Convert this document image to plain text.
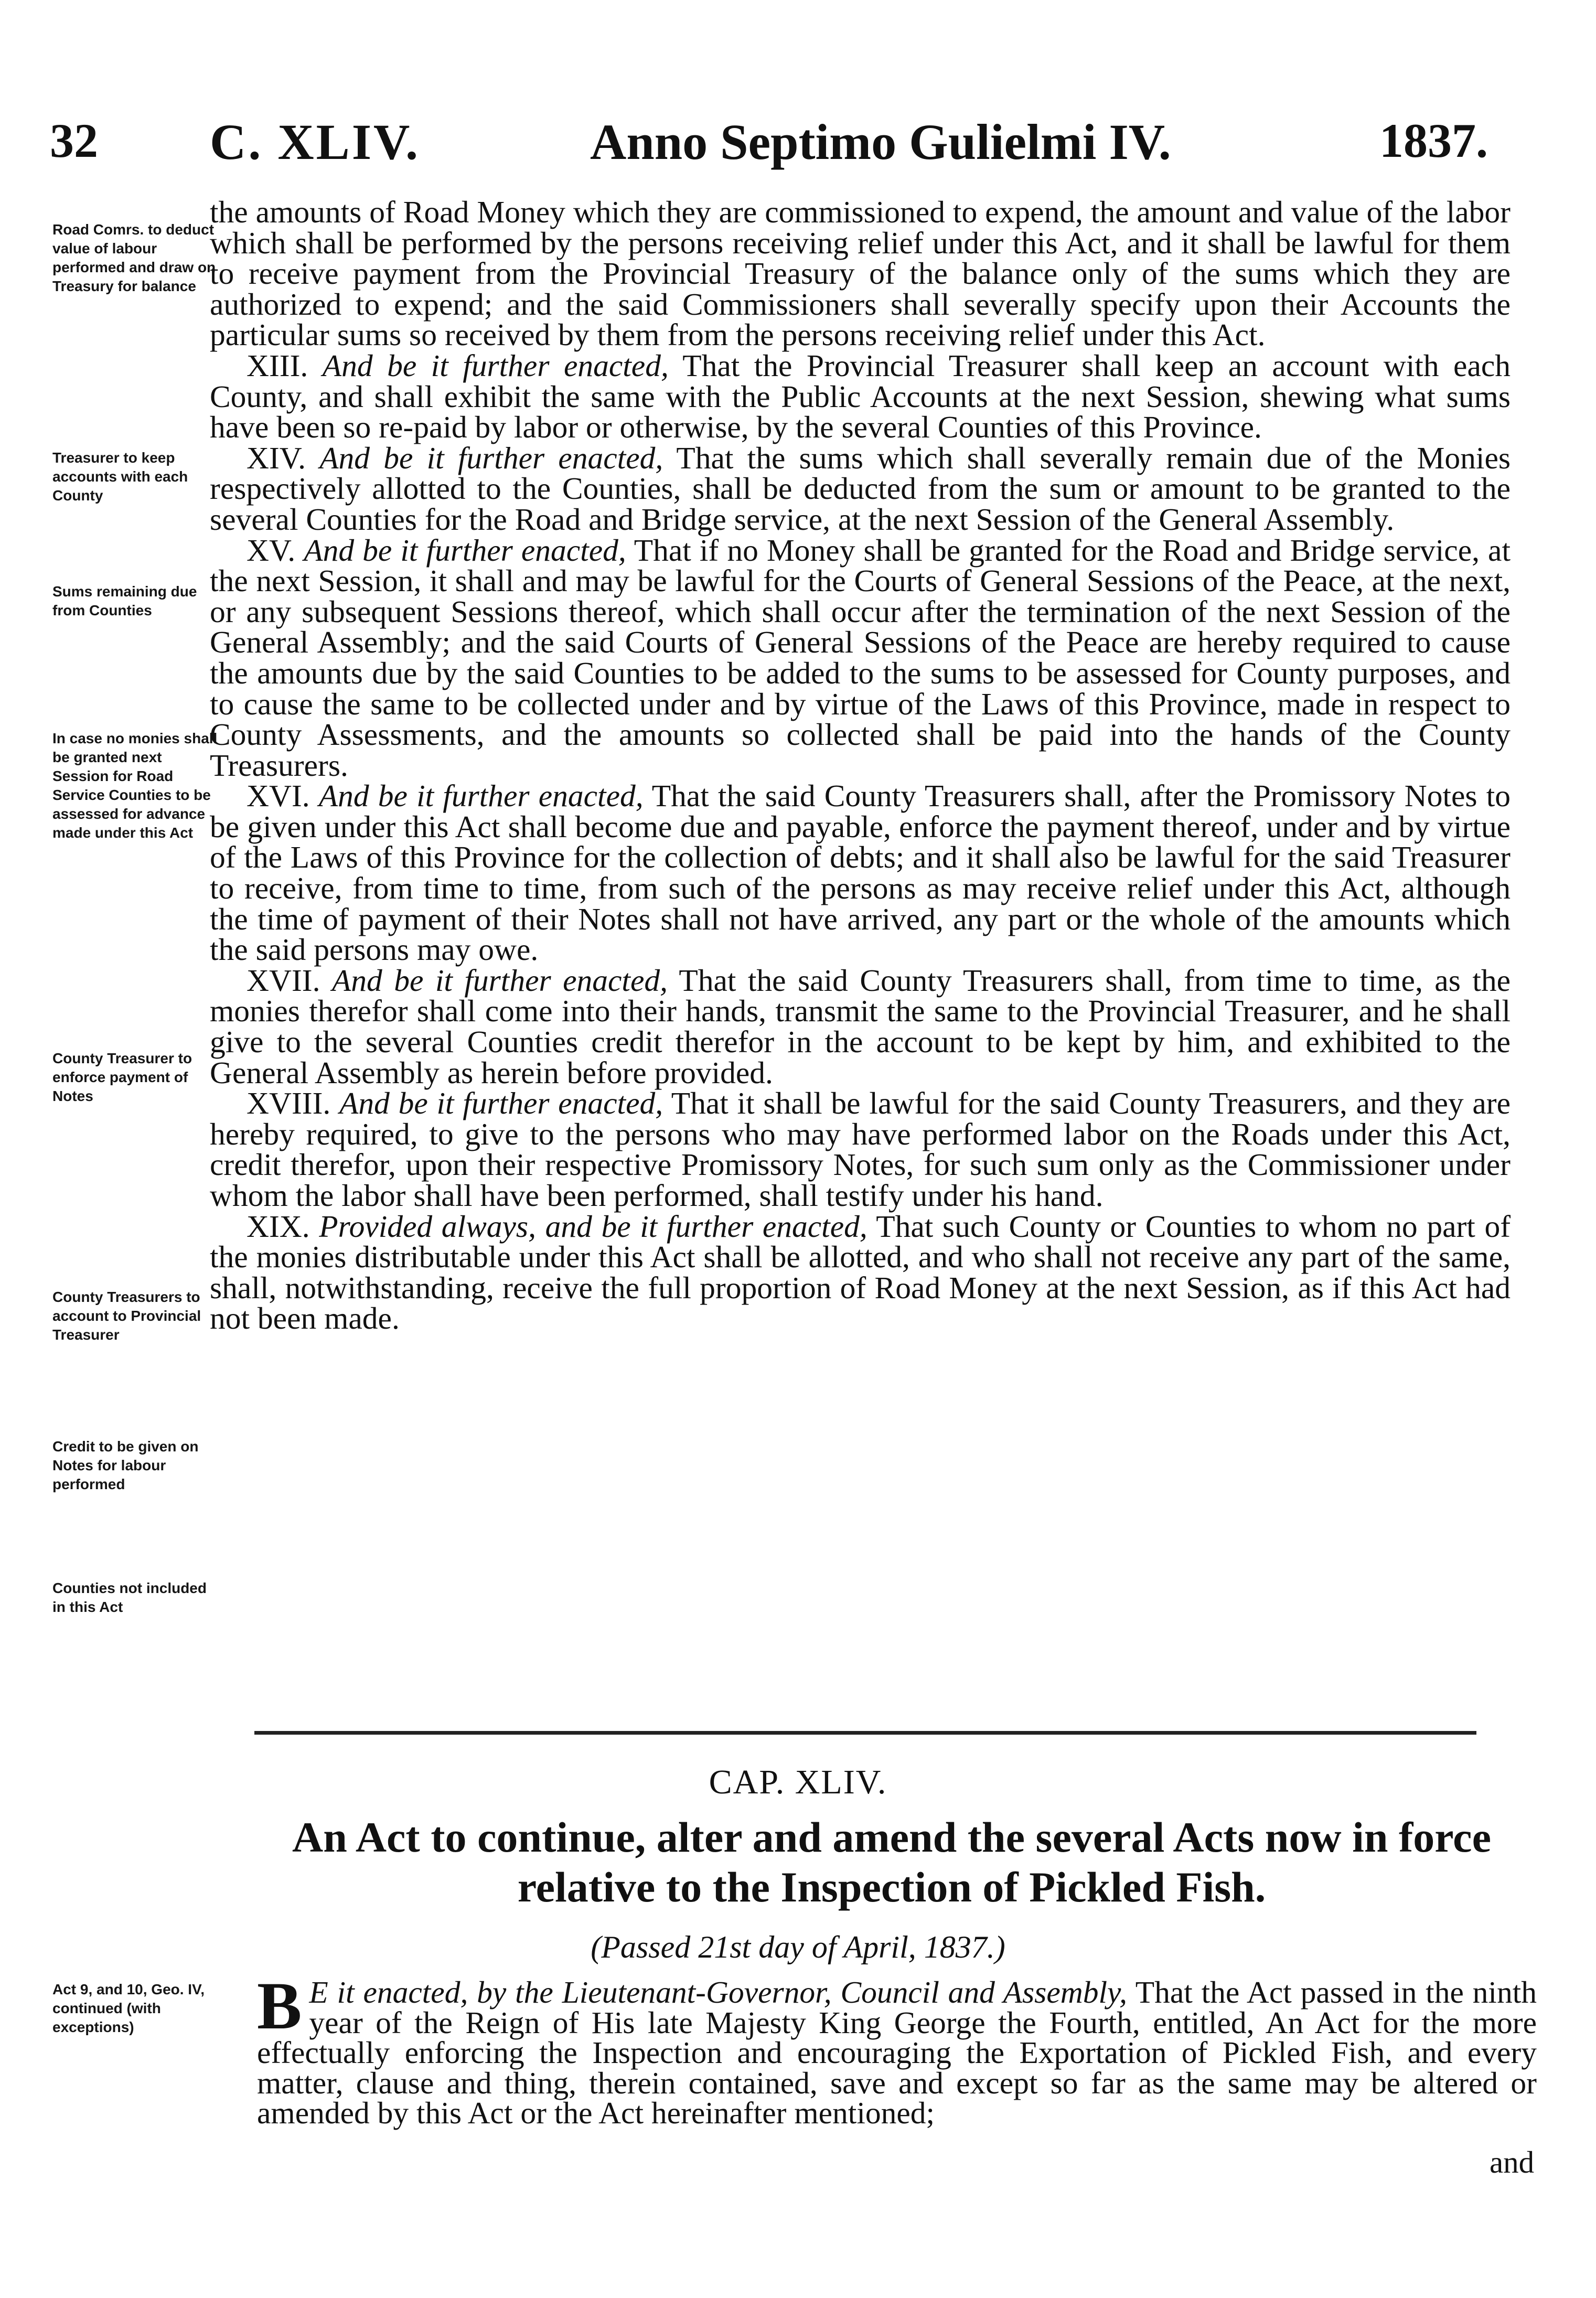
32 C. XLIV.	Anno Septimo Gulielmi IV.	1837.
Road Comrs. to deduct value of labour performed and draw on Treasury for balance
Treasurer to keep accounts with each County
Sums remaining due from Counties
In case no monies shall be granted next Session for Road Service Counties to be assessed for advance made under this Act
County Treasurer to enforce payment of Notes
County Treasurers to account to Provincial Treasurer
Credit to be given on Notes for labour performed
Counties not included in this Act
Act 9, and 10, Geo. IV, continued (with exceptions)

the amounts of Road Money which they are commissioned to expend, the amount and value of the labor which shall be performed by the persons receiving relief under this Act, and it shall be lawful for them to receive payment from the Provincial Treasury of the balance only of the sums which they are authorized to expend; and the said Commissioners shall severally specify upon their Accounts the particular sums so received by them from the persons receiving relief under this Act.

XIII. And be it further enacted, That the Provincial Treasurer shall keep an account with each County, and shall exhibit the same with the Public Accounts at the next Session, shewing what sums have been so re-paid by labor or otherwise, by the several Counties of this Province.

XIV. And be it further enacted, That the sums which shall severally remain due of the Monies respectively allotted to the Counties, shall be deducted from the sum or amount to be granted to the several Counties for the Road and Bridge service, at the next Session of the General Assembly.

XV. And be it further enacted, That if no Money shall be granted for the Road and Bridge service, at the next Session, it shall and may be lawful for the Courts of General Sessions of the Peace, at the next, or any subsequent Sessions thereof, which shall occur after the termination of the next Session of the General Assembly; and the said Courts of General Sessions of the Peace are hereby required to cause the amounts due by the said Counties to be added to the sums to be assessed for County purposes, and to cause the same to be collected under and by virtue of the Laws of this Province, made in respect to County Assessments, and the amounts so collected shall be paid into the hands of the County Treasurers.

XVI. And be it further enacted, That the said County Treasurers shall, after the Promissory Notes to be given under this Act shall become due and payable, enforce the payment thereof, under and by virtue of the Laws of this Province for the collection of debts; and it shall also be lawful for the said Treasurer to receive, from time to time, from such of the persons as may receive relief under this Act, although the time of payment of their Notes shall not have arrived, any part or the whole of the amounts which the said persons may owe.

XVII. And be it further enacted, That the said County Treasurers shall, from time to time, as the monies therefor shall come into their hands, transmit the same to the Provincial Treasurer, and he shall give to the several Counties credit therefor in the account to be kept by him, and exhibited to the General Assembly as herein before provided.

XVIII. And be it further enacted, That it shall be lawful for the said County Treasurers, and they are hereby required, to give to the persons who may have performed labor on the Roads under this Act, credit therefor, upon their respective Promissory Notes, for such sum only as the Commissioner under whom the labor shall have been performed, shall testify under his hand.

XIX. Provided always, and be it further enacted, That such County or Counties to whom no part of the monies distributable under this Act shall be allotted, and who shall not receive any part of the same, shall, notwithstanding, receive the full proportion of Road Money at the next Session, as if this Act had not been made.

CAP. XLIV.
An Act to continue, alter and amend the several Acts now in force relative to the Inspection of Pickled Fish.
(Passed 21st day of April, 1837.)
B E it enacted, by the Lieutenant-Governor, Council and Assembly, That the Act passed in the ninth year of the Reign of His late Majesty King George the Fourth, entitled, An Act for the more effectually enforcing the Inspection and encouraging the Exportation of Pickled Fish, and every matter, clause and thing, therein contained, save and except so far as the same may be altered or amended by this Act or the Act hereinafter mentioned;
and
